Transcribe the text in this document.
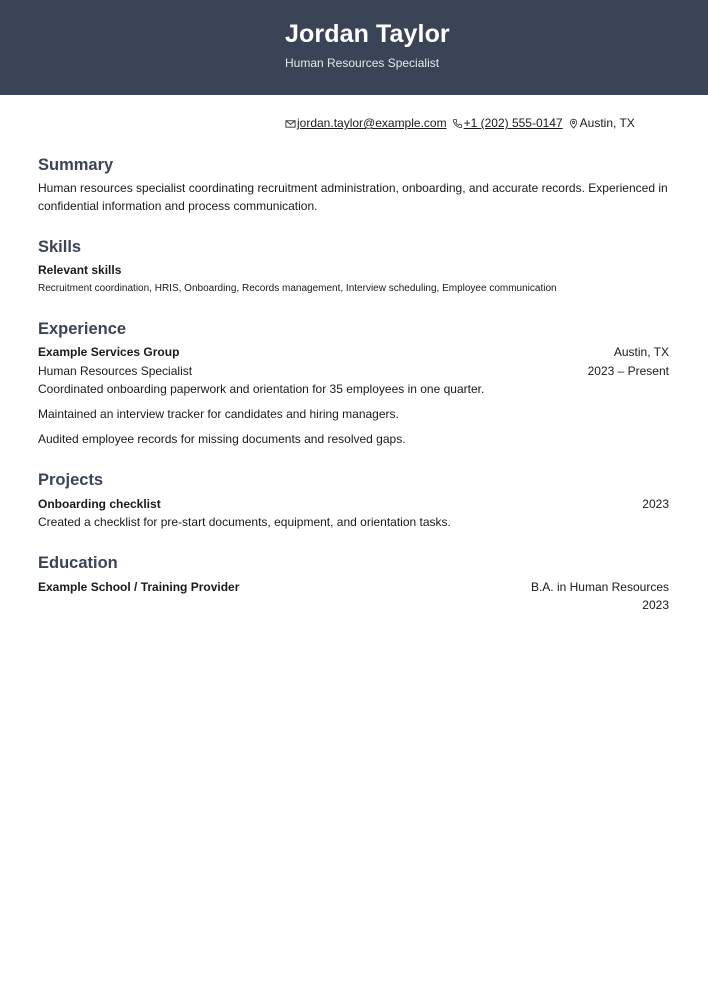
Jordan Taylor
Human Resources Specialist
jordan.taylor@example.com +1 (202) 555-0147 Austin, TX
Summary
Human resources specialist coordinating recruitment administration, onboarding, and accurate records. Experienced in confidential information and process communication.
Skills
Relevant skills
Recruitment coordination, HRIS, Onboarding, Records management, Interview scheduling, Employee communication
Experience
Example Services Group	Austin, TX
Human Resources Specialist	2023 – Present
Coordinated onboarding paperwork and orientation for 35 employees in one quarter.
Maintained an interview tracker for candidates and hiring managers.
Audited employee records for missing documents and resolved gaps.
Projects
Onboarding checklist	2023
Created a checklist for pre-start documents, equipment, and orientation tasks.
Education
Example School / Training Provider	B.A. in Human Resources
2023
